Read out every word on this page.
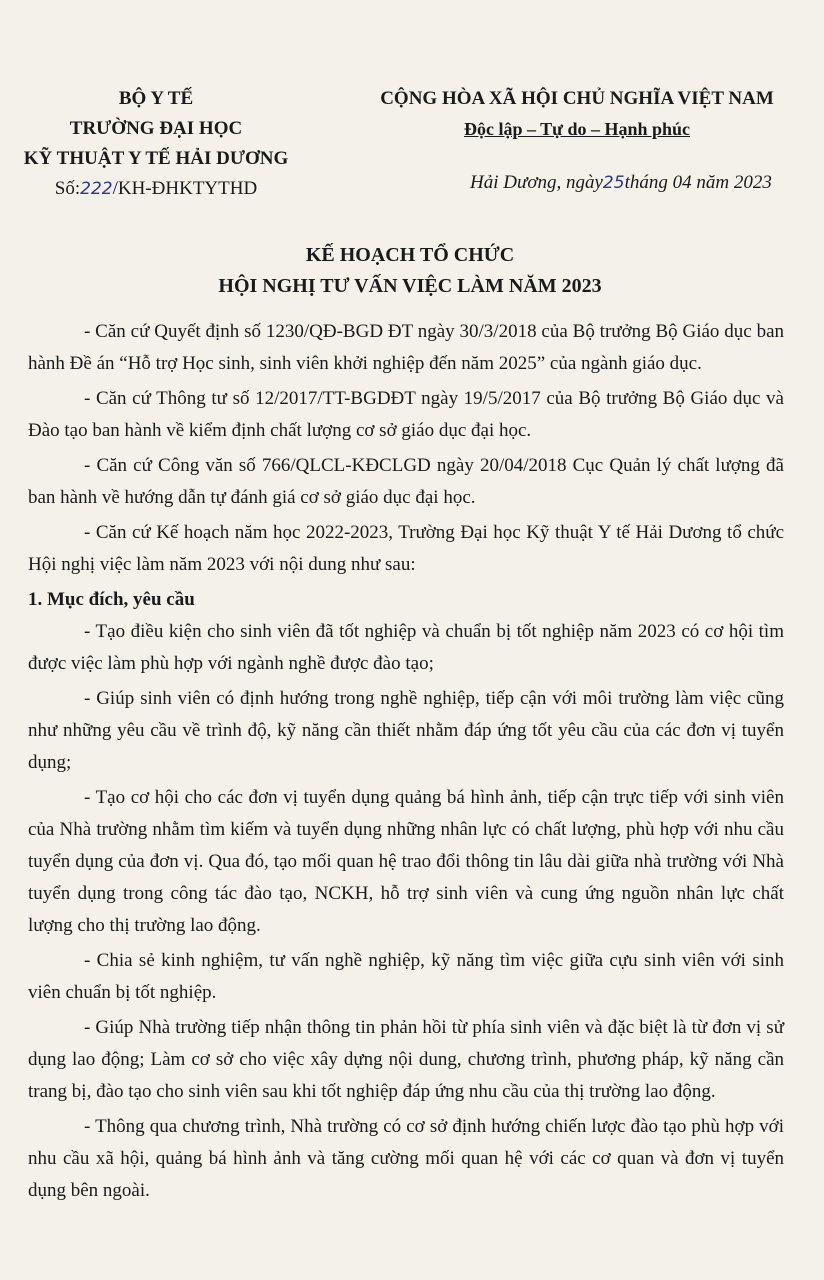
BỘ Y TẾ
TRƯỜNG ĐẠI HỌC
KỸ THUẬT Y TẾ HẢI DƯƠNG
Số:222/KH-ĐHKTYTHD
CỘNG HÒA XÃ HỘI CHỦ NGHĨA VIỆT NAM
Độc lập – Tự do – Hạnh phúc
Hải Dương, ngày25tháng 04 năm 2023
KẾ HOẠCH TỔ CHỨC
HỘI NGHỊ TƯ VẤN VIỆC LÀM NĂM 2023

- Căn cứ Quyết định số 1230/QĐ-BGD ĐT ngày 30/3/2018 của Bộ trưởng Bộ Giáo dục ban hành Đề án “Hỗ trợ Học sinh, sinh viên khởi nghiệp đến năm 2025” của ngành giáo dục.

- Căn cứ Thông tư số 12/2017/TT-BGDĐT ngày 19/5/2017 của Bộ trưởng Bộ Giáo dục và Đào tạo ban hành về kiểm định chất lượng cơ sở giáo dục đại học.

- Căn cứ Công văn số 766/QLCL-KĐCLGD ngày 20/04/2018 Cục Quản lý chất lượng đã ban hành về hướng dẫn tự đánh giá cơ sở giáo dục đại học.

- Căn cứ Kế hoạch năm học 2022-2023, Trường Đại học Kỹ thuật Y tế Hải Dương tổ chức Hội nghị việc làm năm 2023 với nội dung như sau:

1. Mục đích, yêu cầu

- Tạo điều kiện cho sinh viên đã tốt nghiệp và chuẩn bị tốt nghiệp năm 2023 có cơ hội tìm được việc làm phù hợp với ngành nghề được đào tạo;

- Giúp sinh viên có định hướng trong nghề nghiệp, tiếp cận với môi trường làm việc cũng như những yêu cầu về trình độ, kỹ năng cần thiết nhằm đáp ứng tốt yêu cầu của các đơn vị tuyển dụng;

- Tạo cơ hội cho các đơn vị tuyển dụng quảng bá hình ảnh, tiếp cận trực tiếp với sinh viên của Nhà trường nhằm tìm kiếm và tuyển dụng những nhân lực có chất lượng, phù hợp với nhu cầu tuyển dụng của đơn vị. Qua đó, tạo mối quan hệ trao đổi thông tin lâu dài giữa nhà trường với Nhà tuyển dụng trong công tác đào tạo, NCKH, hỗ trợ sinh viên và cung ứng nguồn nhân lực chất lượng cho thị trường lao động.

- Chia sẻ kinh nghiệm, tư vấn nghề nghiệp, kỹ năng tìm việc giữa cựu sinh viên với sinh viên chuẩn bị tốt nghiệp.

- Giúp Nhà trường tiếp nhận thông tin phản hồi từ phía sinh viên và đặc biệt là từ đơn vị sử dụng lao động; Làm cơ sở cho việc xây dựng nội dung, chương trình, phương pháp, kỹ năng cần trang bị, đào tạo cho sinh viên sau khi tốt nghiệp đáp ứng nhu cầu của thị trường lao động.

- Thông qua chương trình, Nhà trường có cơ sở định hướng chiến lược đào tạo phù hợp với nhu cầu xã hội, quảng bá hình ảnh và tăng cường mối quan hệ với các cơ quan và đơn vị tuyển dụng bên ngoài.
